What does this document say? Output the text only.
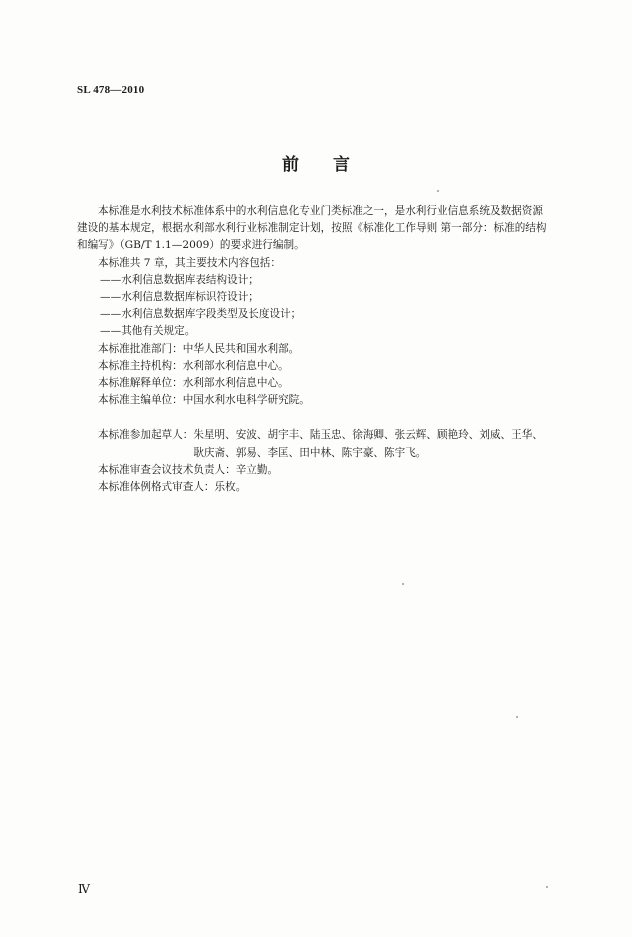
SL 478—2010
前言

本标准是水利技术标准体系中的水利信息化专业门类标准之一，是水利行业信息系统及数据资源建设的基本规定，根据水利部水利行业标准制定计划，按照《标准化工作导则 第一部分：标准的结构和编写》（GB/T 1.1—2009）的要求进行编制。

本标准共 7 章，其主要技术内容包括：

——水利信息数据库表结构设计；

——水利信息数据库标识符设计；

——水利信息数据库字段类型及长度设计；

——其他有关规定。

本标准批准部门：中华人民共和国水利部。

本标准主持机构：水利部水利信息中心。

本标准解释单位：水利部水利信息中心。

本标准主编单位：中国水利水电科学研究院。

本标准参加起草人： 朱星明、安波、胡宇丰、陆玉忠、徐海卿、张云辉、顾艳玲、刘威、王华、
耿庆斋、郭易、李匡、田中林、陈宇豪、陈宇飞。

本标准审查会议技术负责人：辛立勤。

本标准体例格式审查人：乐枚。

Ⅳ
